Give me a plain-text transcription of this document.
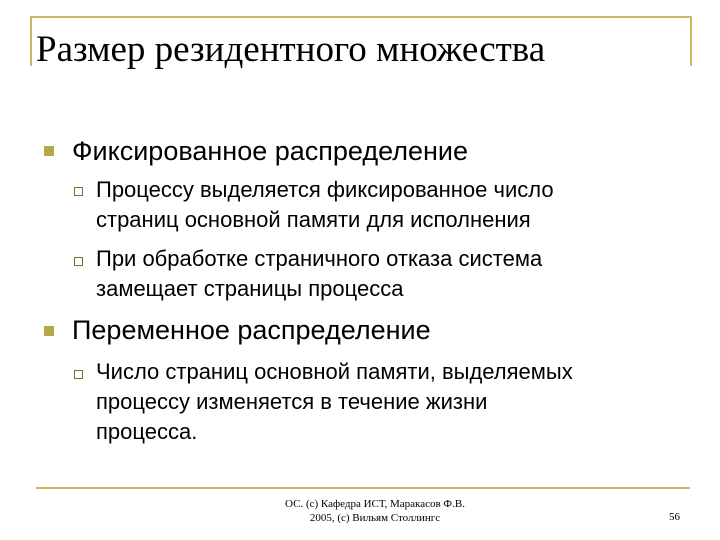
Размер резидентного множества
Фиксированное распределение
Процессу выделяется фиксированное число
страниц основной памяти для исполнения
При обработке страничного отказа система
замещает страницы процесса
Переменное распределение
Число страниц основной памяти, выделяемых
процессу изменяется в течение жизни
процесса.
ОС. (с) Кафедра ИСТ, Маракасов Ф.В.
2005, (с) Вильям Столлингс	56
